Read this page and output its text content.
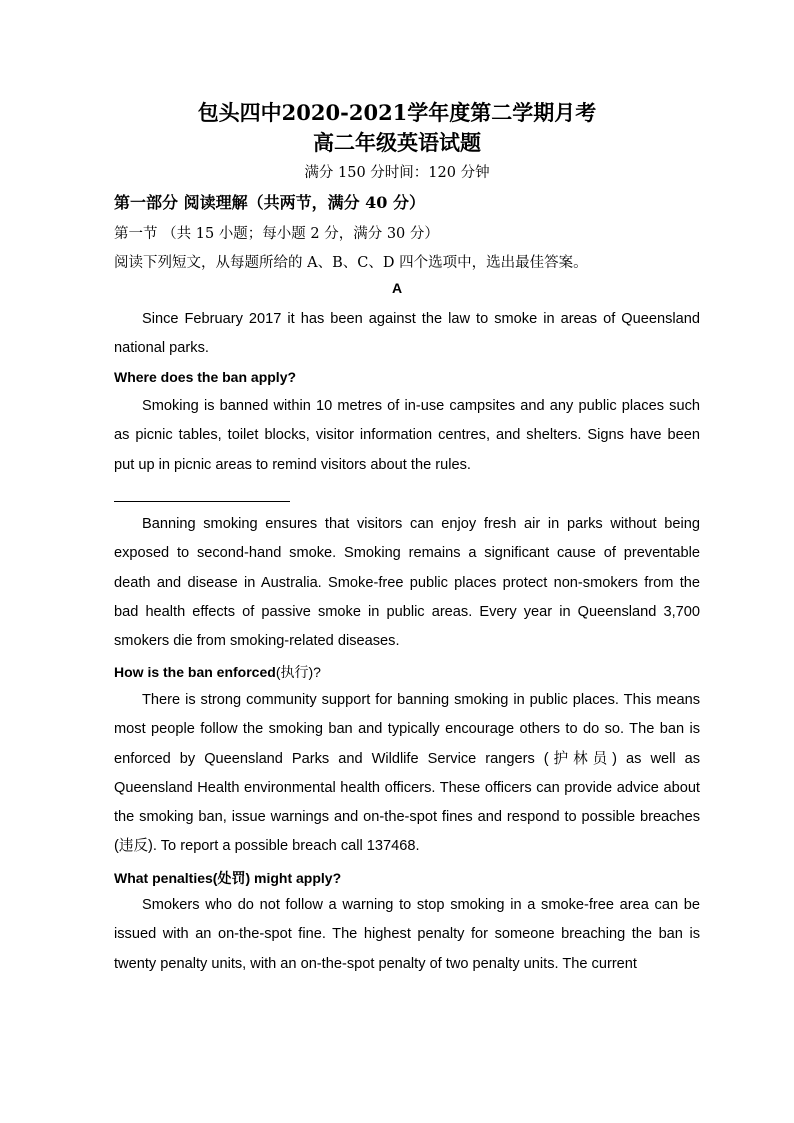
包头四中2020-2021学年度第二学期月考
高二年级英语试题
满分 150 分时间：120 分钟
第一部分 阅读理解（共两节，满分 40 分）
第一节 （共 15 小题；每小题 2 分，满分 30 分）
阅读下列短文，从每题所给的 A、B、C、D 四个选项中，选出最佳答案。
A

Since February 2017 it has been against the law to smoke in areas of Queensland national parks.

Where does the ban apply?

Smoking is banned within 10 metres of in-use campsites and any public places such as picnic tables, toilet blocks, visitor information centres, and shelters. Signs have been put up in picnic areas to remind visitors about the rules.

Banning smoking ensures that visitors can enjoy fresh air in parks without being exposed to second-hand smoke. Smoking remains a significant cause of preventable death and disease in Australia. Smoke-free public places protect non-smokers from the bad health effects of passive smoke in public areas. Every year in Queensland 3,700 smokers die from smoking-related diseases.

How is the ban enforced(执行)?

There is strong community support for banning smoking in public places. This means most people follow the smoking ban and typically encourage others to do so. The ban is enforced by Queensland Parks and Wildlife Service rangers (护林员) as well as Queensland Health environmental health officers. These officers can provide advice about the smoking ban, issue warnings and on-the-spot fines and respond to possible breaches (违反). To report a possible breach call 137468.

What penalties(处罚) might apply?

Smokers who do not follow a warning to stop smoking in a smoke-free area can be issued with an on-the-spot fine. The highest penalty for someone breaching the ban is twenty penalty units, with an on-the-spot penalty of two penalty units. The current
